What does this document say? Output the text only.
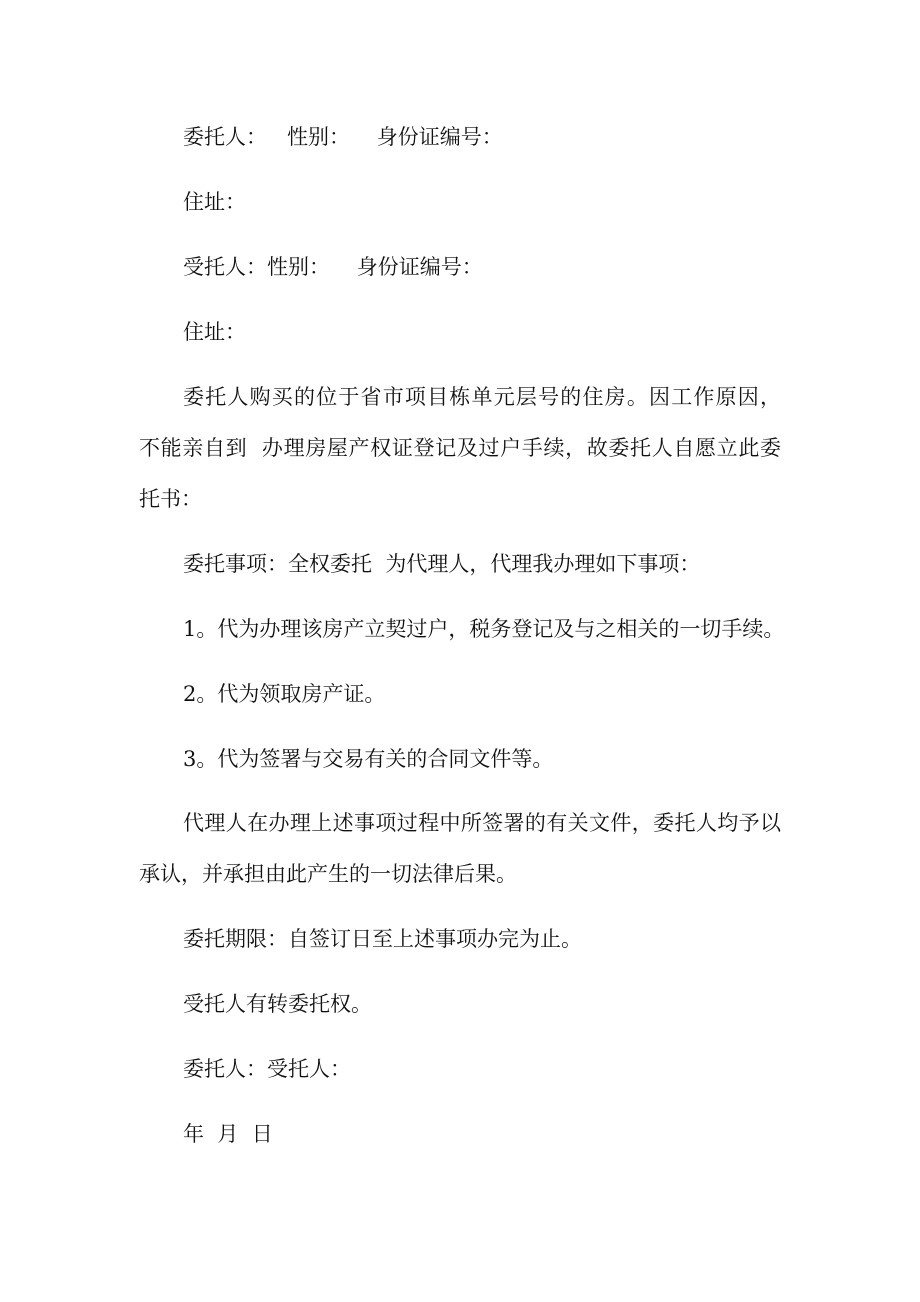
委托人：   性别：    身份证编号：

住址：

受托人：性别：    身份证编号：

住址：

委托人购买的位于省市项目栋单元层号的住房。因工作原因，

不能亲自到  办理房屋产权证登记及过户手续，故委托人自愿立此委

托书：

委托事项：全权委托  为代理人，代理我办理如下事项：

1。代为办理该房产立契过户，税务登记及与之相关的一切手续。

2。代为领取房产证。

3。代为签署与交易有关的合同文件等。

代理人在办理上述事项过程中所签署的有关文件，委托人均予以

承认，并承担由此产生的一切法律后果。

委托期限：自签订日至上述事项办完为止。

受托人有转委托权。

委托人：受托人：

年  月  日
